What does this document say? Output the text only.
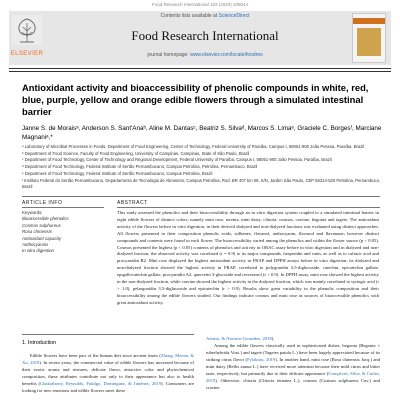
Food Research International 103 (2020) 109044
ELSEVIER
Contents lists available at ScienceDirect
Food Research International
journal homepage: www.elsevier.com/locate/foodres
Antioxidant activity and bioaccessibility of phenolic compounds in white, red, blue, purple, yellow and orange edible flowers through a simulated intestinal barrier
Janne S. de Moraisᵃ, Anderson S. Sant'Anaᵇ, Aline M. Dantasᶜ, Beatriz S. Silvaᵈ, Marcos S. Limaᵉ, Graciele C. Borgesᶠ, Marciane Magnaniᵃ,*
ᵃ Laboratory of Microbial Processes in Foods, Department of Food Engineering, Center of Technology, Federal University of Paraíba, Campus I, 58051-900 João Pessoa, Paraíba, Brazil
ᵇ Department of Food Science, Faculty of Food Engineering, University of Campinas, Campinas, State of São Paulo, Brazil
ᶜ Department of Food Technology, Center of Technology and Regional Development, Federal University of Paraíba, Campus I, 58051-900 João Pessoa, Paraíba, Brazil
ᵈ Department of Food Technology, Federal Institute of Sertão Pernambucano, Campus Petrolina, Petrolina, Pernambuco, Brazil
ᵉ Department of Food Technology, Federal Institute of Sertão Pernambucano, Campus Petrolina, Brazil
ᶠ Instituto Federal do Sertão Pernambucano, Departamento de Tecnologia de Alimentos, Campus Petrolina, Rod. BR 407 km 08, S/N, Jardim São Paulo, CEP 56314-520 Petrolina, Pernambuco, Brazil
ARTICLE INFO	ABSTRACT
Keywords:
Bioaccessible phenolics
Cosmos sulphureus
Rosa chinensis
Antioxidant capacity
Anthocyanins
In vitro digestion
This study assessed the phenolics and their bioaccessibility through an in vitro digestion system coupled to a simulated intestinal barrier in eight edible flowers of distinct colors, namely mini rose, torenia, mini daisy, clitoria, cosmos, cravine, begonia and tagete. The antioxidant activity of the flowers before in vitro digestion, in their derived dialyzed and non-dialyzed fractions was evaluated using distinct approaches. All flowers presented in their composition phenolic acids, stilbenes, flavanol, anthocyanin, flavonol and flavanone; however distinct compounds and contents were found in each flower. The bioaccessibility varied among the phenolics and within the flower source (p < 0.05). Cosmos presented the highest (p < 0.05) contents of phenolics and activity in ORAC assay before in vitro digestion and in dialyzed and non-dialyzed fraction; the observed activity was correlated (r = 0.9) to its major compounds, hesperidin and rutin, as well as to caftaric acid and procyanidin B2. Mini rose displayed the highest antioxidant activity in FRAP and DPPH assays before in vitro digestion; its dialyzed and non-dialyzed fraction showed the highest activity in FRAP, correlated to polygonidin 3,5-diglucoside, catechin, epicatechin gallate, epigallocatechin gallate, procyanidin A2, quercetin 3-glucoside and resveratrol (r > 0.9). In DPPH assay, mini rose showed the highest activity in the non-dialyzed fraction, while cravine showed the highest activity in the dialyzed fraction, which was mainly correlated to syringic acid (r > 1.0), pelargonidin 3,5-diglucoside and epicatechin (r > 0.9). Results show great variability in the phenolic composition and their bioaccessibility among the edible flowers studied. Our findings indicate cosmos and mini rose as sources of bioaccessible phenolics with great antioxidant activity.
1. Introduction
Edible flowers have been part of the human diet since ancient times (Zheng, Meena, & Xu, 2019). In recent years, the commercial value of edible flowers has increased because of their exotic aroma and textures, delicate flavor, attractive color and phytochemical composition, these attributes contribute not only to their appearance but also to health benefits (Chakraborty, Reynolds, Fidalgo, Domínguez, & Jiménez, 2019). Consumers are looking for new emotions and edible flowers meet these
Alonso, & Navarro-González, 2018).
Among the edible flowers classically used in sophisticated dishes, begonia (Begonia × tuberhybrida Voss.) and tagete (Tagetes patula L.) have been largely appreciated because of its striking citrus flavor (Fylaktou, 2019). In another hand, mini rose (Rosa chinensis Jacq.) and mini daisy (Bellis annua L.) have received more attention because their mild citrus and bitter taste, respectively, but primarily due to their delicate appearance (Gonçalves, Silva, & Carlos, 2019). Otherwise, clitoria (Clitoria ternatea L.), cosmos (Cosmos sulphureus Cav.) and cravine
